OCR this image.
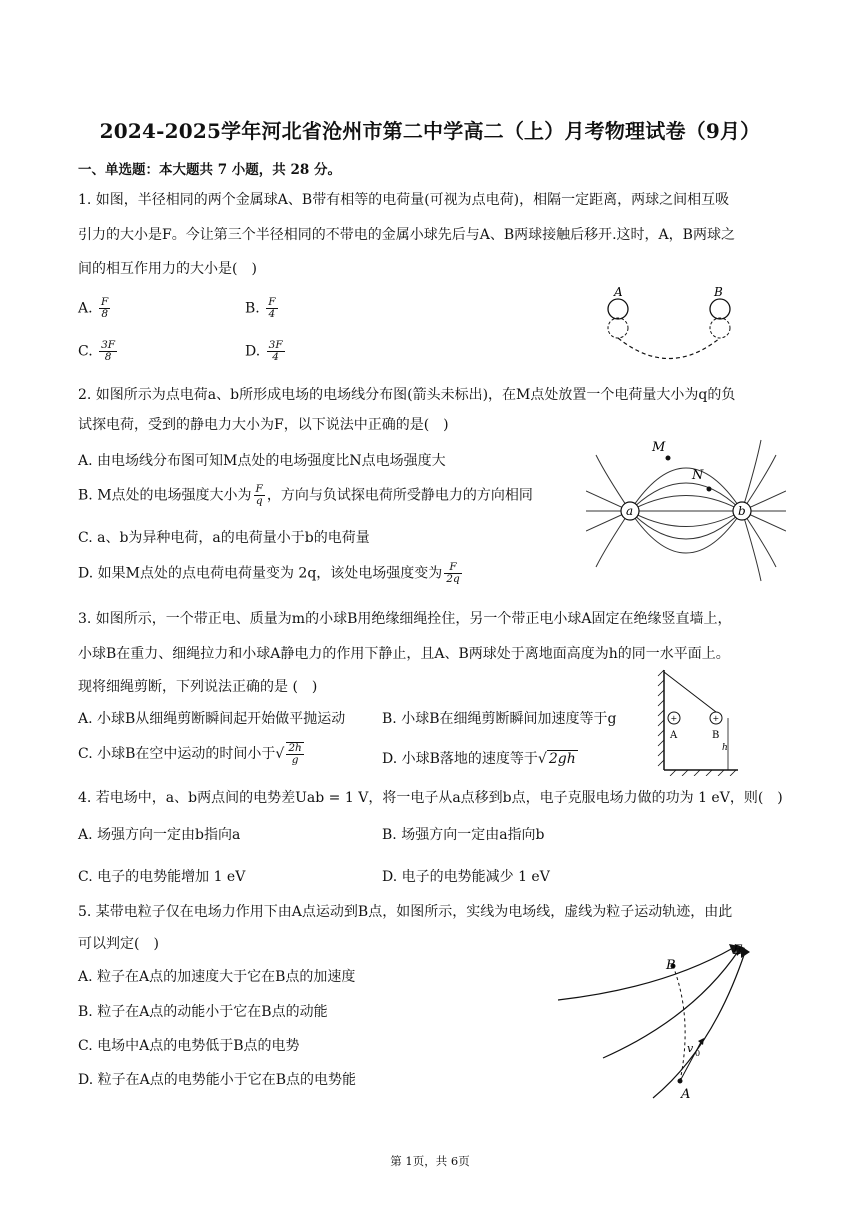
2024-2025学年河北省沧州市第二中学高二（上）月考物理试卷（9月）
一、单选题：本大题共 7 小题，共 28 分。
1. 如图，半径相同的两个金属球A、B带有相等的电荷量(可视为点电荷)，相隔一定距离，两球之间相互吸
引力的大小是F。今让第三个半径相同的不带电的金属小球先后与A、B两球接触后移开.这时，A，B两球之
间的相互作用力的大小是(　)
A. $\frac{F}{8}$	B. $\frac{F}{4}$
C. $\frac{3F}{8}$	D. $\frac{3F}{4}$
A	B
2. 如图所示为点电荷a、b所形成电场的电场线分布图(箭头未标出)，在M点处放置一个电荷量大小为q的负
试探电荷，受到的静电力大小为F，以下说法中正确的是(　)
A. 由电场线分布图可知M点处的电场强度比N点电场强度大
B. M点处的电场强度大小为 $\frac{F}{q}$ ，方向与负试探电荷所受静电力的方向相同
C. a、b为异种电荷，a的电荷量小于b的电荷量
D. 如果M点处的点电荷电荷量变为 2q，该处电场强度变为 $\frac{F}{2q}$
a	b
M
N
3. 如图所示，一个带正电、质量为m的小球B用绝缘细绳拴住，另一个带正电小球A固定在绝缘竖直墙上，
小球B在重力、细绳拉力和小球A静电力的作用下静止，且A、B两球处于离地面高度为h的同一水平面上。
现将细绳剪断，下列说法正确的是 (　)
A. 小球B从细绳剪断瞬间起开始做平抛运动	B. 小球B在细绳剪断瞬间加速度等于g
C. 小球B在空中运动的时间小于√ $\frac{2h}{g}$	D. 小球B落地的速度等于√ 2gh
+	+
A	B
h
4. 若电场中，a、b两点间的电势差Uab = 1 V，将一电子从a点移到b点，电子克服电场力做的功为 1 eV，则(　)
A. 场强方向一定由b指向a	B. 场强方向一定由a指向b
C. 电子的电势能增加 1 eV	D. 电子的电势能减少 1 eV
5. 某带电粒子仅在电场力作用下由A点运动到B点，如图所示，实线为电场线，虚线为粒子运动轨迹，由此
可以判定(　)
A. 粒子在A点的加速度大于它在B点的加速度
B. 粒子在A点的动能小于它在B点的动能
C. 电场中A点的电势低于B点的电势
D. 粒子在A点的电势能小于它在B点的电势能
B
E
v 0
A
第 1页，共 6页
